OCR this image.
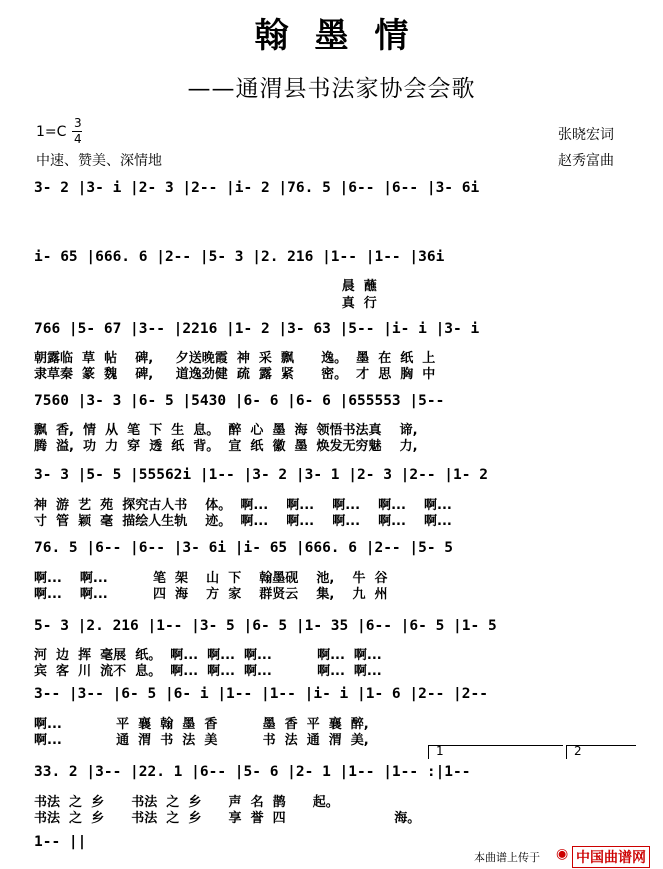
翰墨情
——通渭县书法家协会会歌
1=C
3
4
中速、赞美、深情地
张晓宏词
赵秀富曲
3- 2 |3- i |2- 3 |2-- |i- 2 |76. 5 |6-- |6-- |3- 6i
i- 65 |666. 6 |2-- |5- 3 |2. 216 |1-- |1-- |36i
晨  蘸
真  行
766 |5- 67 |3-- |2216 |1- 2 |3- 63 |5-- |i- i |3- i
朝露临  草  帖    碑,     夕送晚霞  神  采  飘      逸。  墨  在  纸  上
隶草秦  篆  魏    碑,     道逸劲健  疏  露  紧      密。  才  思  胸  中
7560 |3- 3 |6- 5 |5430 |6- 6 |6- 6 |655553 |5--
飘  香,  情  从  笔  下  生  息。  醉  心  墨  海  领悟书法真    谛,
腾  溢,  功  力  穿  透  纸  背。  宣  纸  徽  墨  焕发无穷魅    力,
3- 3 |5- 5 |55562i |1-- |3- 2 |3- 1 |2- 3 |2-- |1- 2
神  游  艺  苑  探究古人书    体。  啊...    啊...    啊...    啊...    啊...
寸  管  颖  毫  描绘人生轨    迹。  啊...    啊...    啊...    啊...    啊...
76. 5 |6-- |6-- |3- 6i |i- 65 |666. 6 |2-- |5- 5
啊...    啊...          笔  架    山  下    翰墨砚    池,    牛  谷
啊...    啊...          四  海    方  家    群贤云    集,    九  州
5- 3 |2. 216 |1-- |3- 5 |6- 5 |1- 35 |6-- |6- 5 |1- 5
河  边  挥  毫展  纸。  啊...  啊...  啊...          啊...  啊...
宾  客  川  流不  息。  啊...  啊...  啊...          啊...  啊...
3-- |3-- |6- 5 |6- i |1-- |1-- |i- i |1- 6 |2-- |2--
啊...            平  襄  翰  墨  香          墨  香  平  襄  醉,
啊...            通  渭  书  法  美          书  法  通  渭  美,
1	2
33. 2 |3-- |22. 1 |6-- |5- 6 |2- 1 |1-- |1-- :|1--
书法  之  乡      书法  之  乡      声  名  鹊      起。
书法  之  乡      书法  之  乡      享  誉  四                        海。
1-- ||
本曲谱上传于 ◉ 中国曲谱网
